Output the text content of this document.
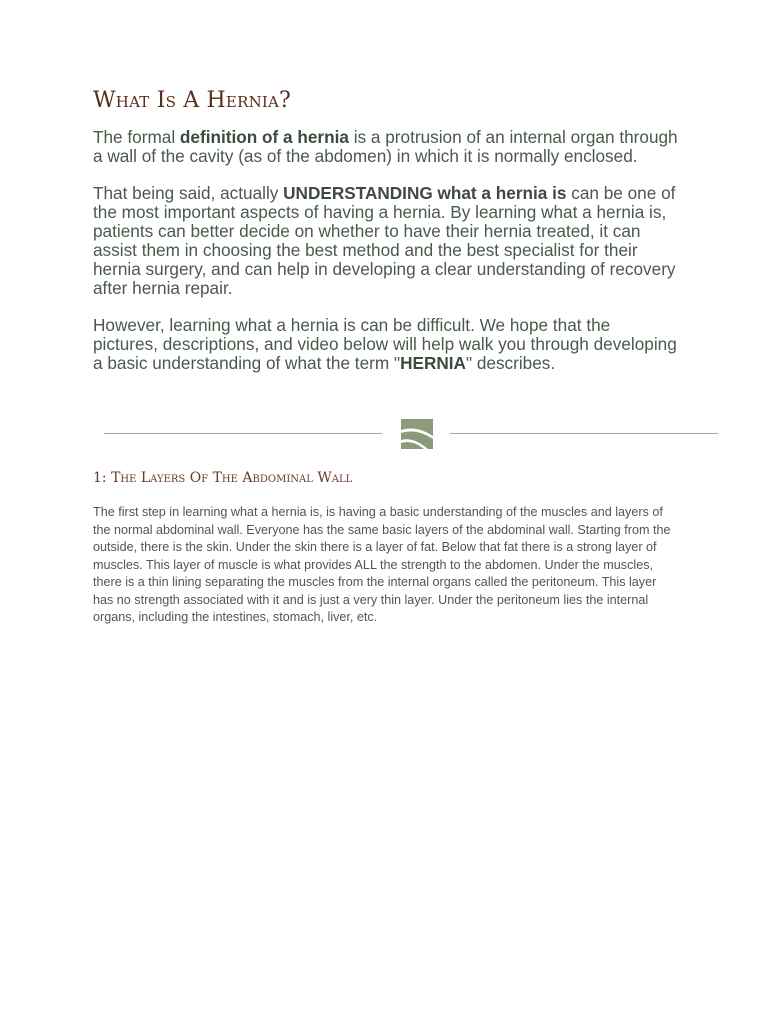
What Is A Hernia?

The formal definition of a hernia is a protrusion of an internal organ through a wall of the cavity (as of the abdomen) in which it is normally enclosed.

That being said, actually UNDERSTANDING what a hernia is can be one of the most important aspects of having a hernia. By learning what a hernia is, patients can better decide on whether to have their hernia treated, it can assist them in choosing the best method and the best specialist for their hernia surgery, and can help in developing a clear understanding of recovery after hernia repair.

However, learning what a hernia is can be difficult. We hope that the pictures, descriptions, and video below will help walk you through developing a basic understanding of what the term "HERNIA" describes.

1: The Layers Of The Abdominal Wall

The first step in learning what a hernia is, is having a basic understanding of the muscles and layers of the normal abdominal wall. Everyone has the same basic layers of the abdominal wall. Starting from the outside, there is the skin. Under the skin there is a layer of fat. Below that fat there is a strong layer of muscles. This layer of muscle is what provides ALL the strength to the abdomen. Under the muscles, there is a thin lining separating the muscles from the internal organs called the peritoneum. This layer has no strength associated with it and is just a very thin layer. Under the peritoneum lies the internal organs, including the intestines, stomach, liver, etc.
